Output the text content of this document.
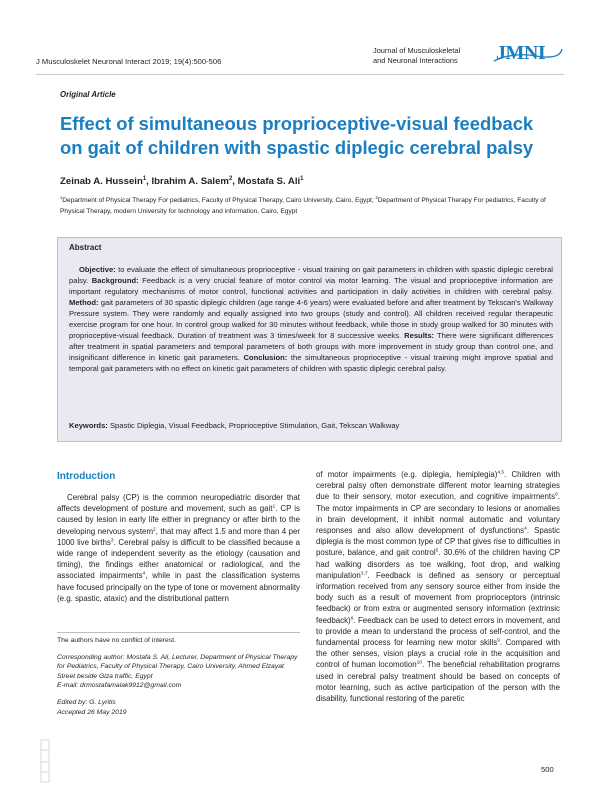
J Musculoskelet Neuronal Interact 2019; 19(4):500-506
Journal of Musculoskeletal
and Neuronal Interactions	JMNI
Original Article
Effect of simultaneous proprioceptive-visual feedback on gait of children with spastic diplegic cerebral palsy
Zeinab A. Hussein$^1$, Ibrahim A. Salem$^2$, Mostafa S. Ali$^1$
$^1$Department of Physical Therapy For pediatrics, Faculty of Physical Therapy, Cairo University, Cairo, Egypt; $^2$Department of Physical Therapy For pediatrics, Faculty of Physical Therapy, modern University for technology and information, Cairo, Egypt
Abstract
Objective: to evaluate the effect of simultaneous proprioceptive - visual training on gait parameters in children with spastic diplegic cerebral palsy. Background: Feedback is a very crucial feature of motor control via motor learning. The visual and proprioceptive information are important regulatory mechanisms of motor control, functional activities and participation in daily activities in children with cerebral palsy. Method: gait parameters of 30 spastic diplegic children (age range 4-6 years) were evaluated before and after treatment by Tekscan's Walkway Pressure system. They were randomly and equally assigned into two groups (study and control). All children received regular therapeutic exercise program for one hour. In control group walked for 30 minutes without feedback, while those in study group walked for 30 minutes with proprioceptive-visual feedback. Duration of treatment was 3 times/week for 8 successive weeks. Results: There were significant differences after treatment in spatial parameters and temporal parameters of both groups with more improvement in study group than control one, and insignificant difference in kinetic gait parameters. Conclusion: the simultaneous proprioceptive - visual training might improve spatial and temporal gait parameters with no effect on kinetic gait parameters of children with spastic diplegic cerebral palsy.
Keywords: Spastic Diplegia, Visual Feedback, Proprioceptive Stimulation, Gait, Tekscan Walkway
Introduction

Cerebral palsy (CP) is the common neuropediatric disorder that affects development of posture and movement, such as gait$^1$. CP is caused by lesion in early life either in pregnancy or after birth to the developing nervous system$^2$, that may affect 1.5 and more than 4 per 1000 live births$^3$. Cerebral palsy is difficult to be classified because a wide range of independent severity as the etiology (causation and timing), the findings either anatomical or radiological, and the associated impairments$^4$, while in past the classification systems have focused principally on the type of tone or movement abnormality (e.g. spastic, ataxic) and the distributional pattern

of motor impairments (e.g. diplegia, hemiplegia)$^{4,5}$. Children with cerebral palsy often demonstrate different motor learning strategies due to their sensory, motor execution, and cognitive impairments$^6$. The motor impairments in CP are secondary to lesions or anomalies in brain development, it inhibit normal automatic and voluntary responses and also allow development of dysfunctions$^4$. Spastic diplegia is the most common type of CP that gives rise to difficulties in posture, balance, and gait control$^5$. 30.6% of the children having CP had walking disorders as toe walking, foot drop, and walking manipulation$^{3,7}$. Feedback is defined as sensory or perceptual information received from any sensory source either from inside the body such as a result of movement from proprioceptors (intrinsic feedback) or from extra or augmented sensory information (extrinsic feedback)$^8$. Feedback can be used to detect errors in movement, and to provide a mean to understand the process of self-control, and the fundamental process for learning new motor skills$^9$. Compared with the other senses, vision plays a crucial role in the acquisition and control of human locomotion$^{10}$. The beneficial rehabilitation programs used in cerebral palsy treatment should be based on concepts of motor learning, such as active participation of the person with the disability, functional restoring of the paretic

The authors have no conflict of interest.
Corresponding author: Mostafa S. Ali, Lecturer, Department of Physical Therapy for Pediatrics, Faculty of Physical Therapy, Cairo University, Ahmed Elzayat Street beside Giza traffic, Egypt
E-mail: drmostafamalak9912@gmail.com
Edited by: G. Lyritis
Accepted 26 May 2019
500
